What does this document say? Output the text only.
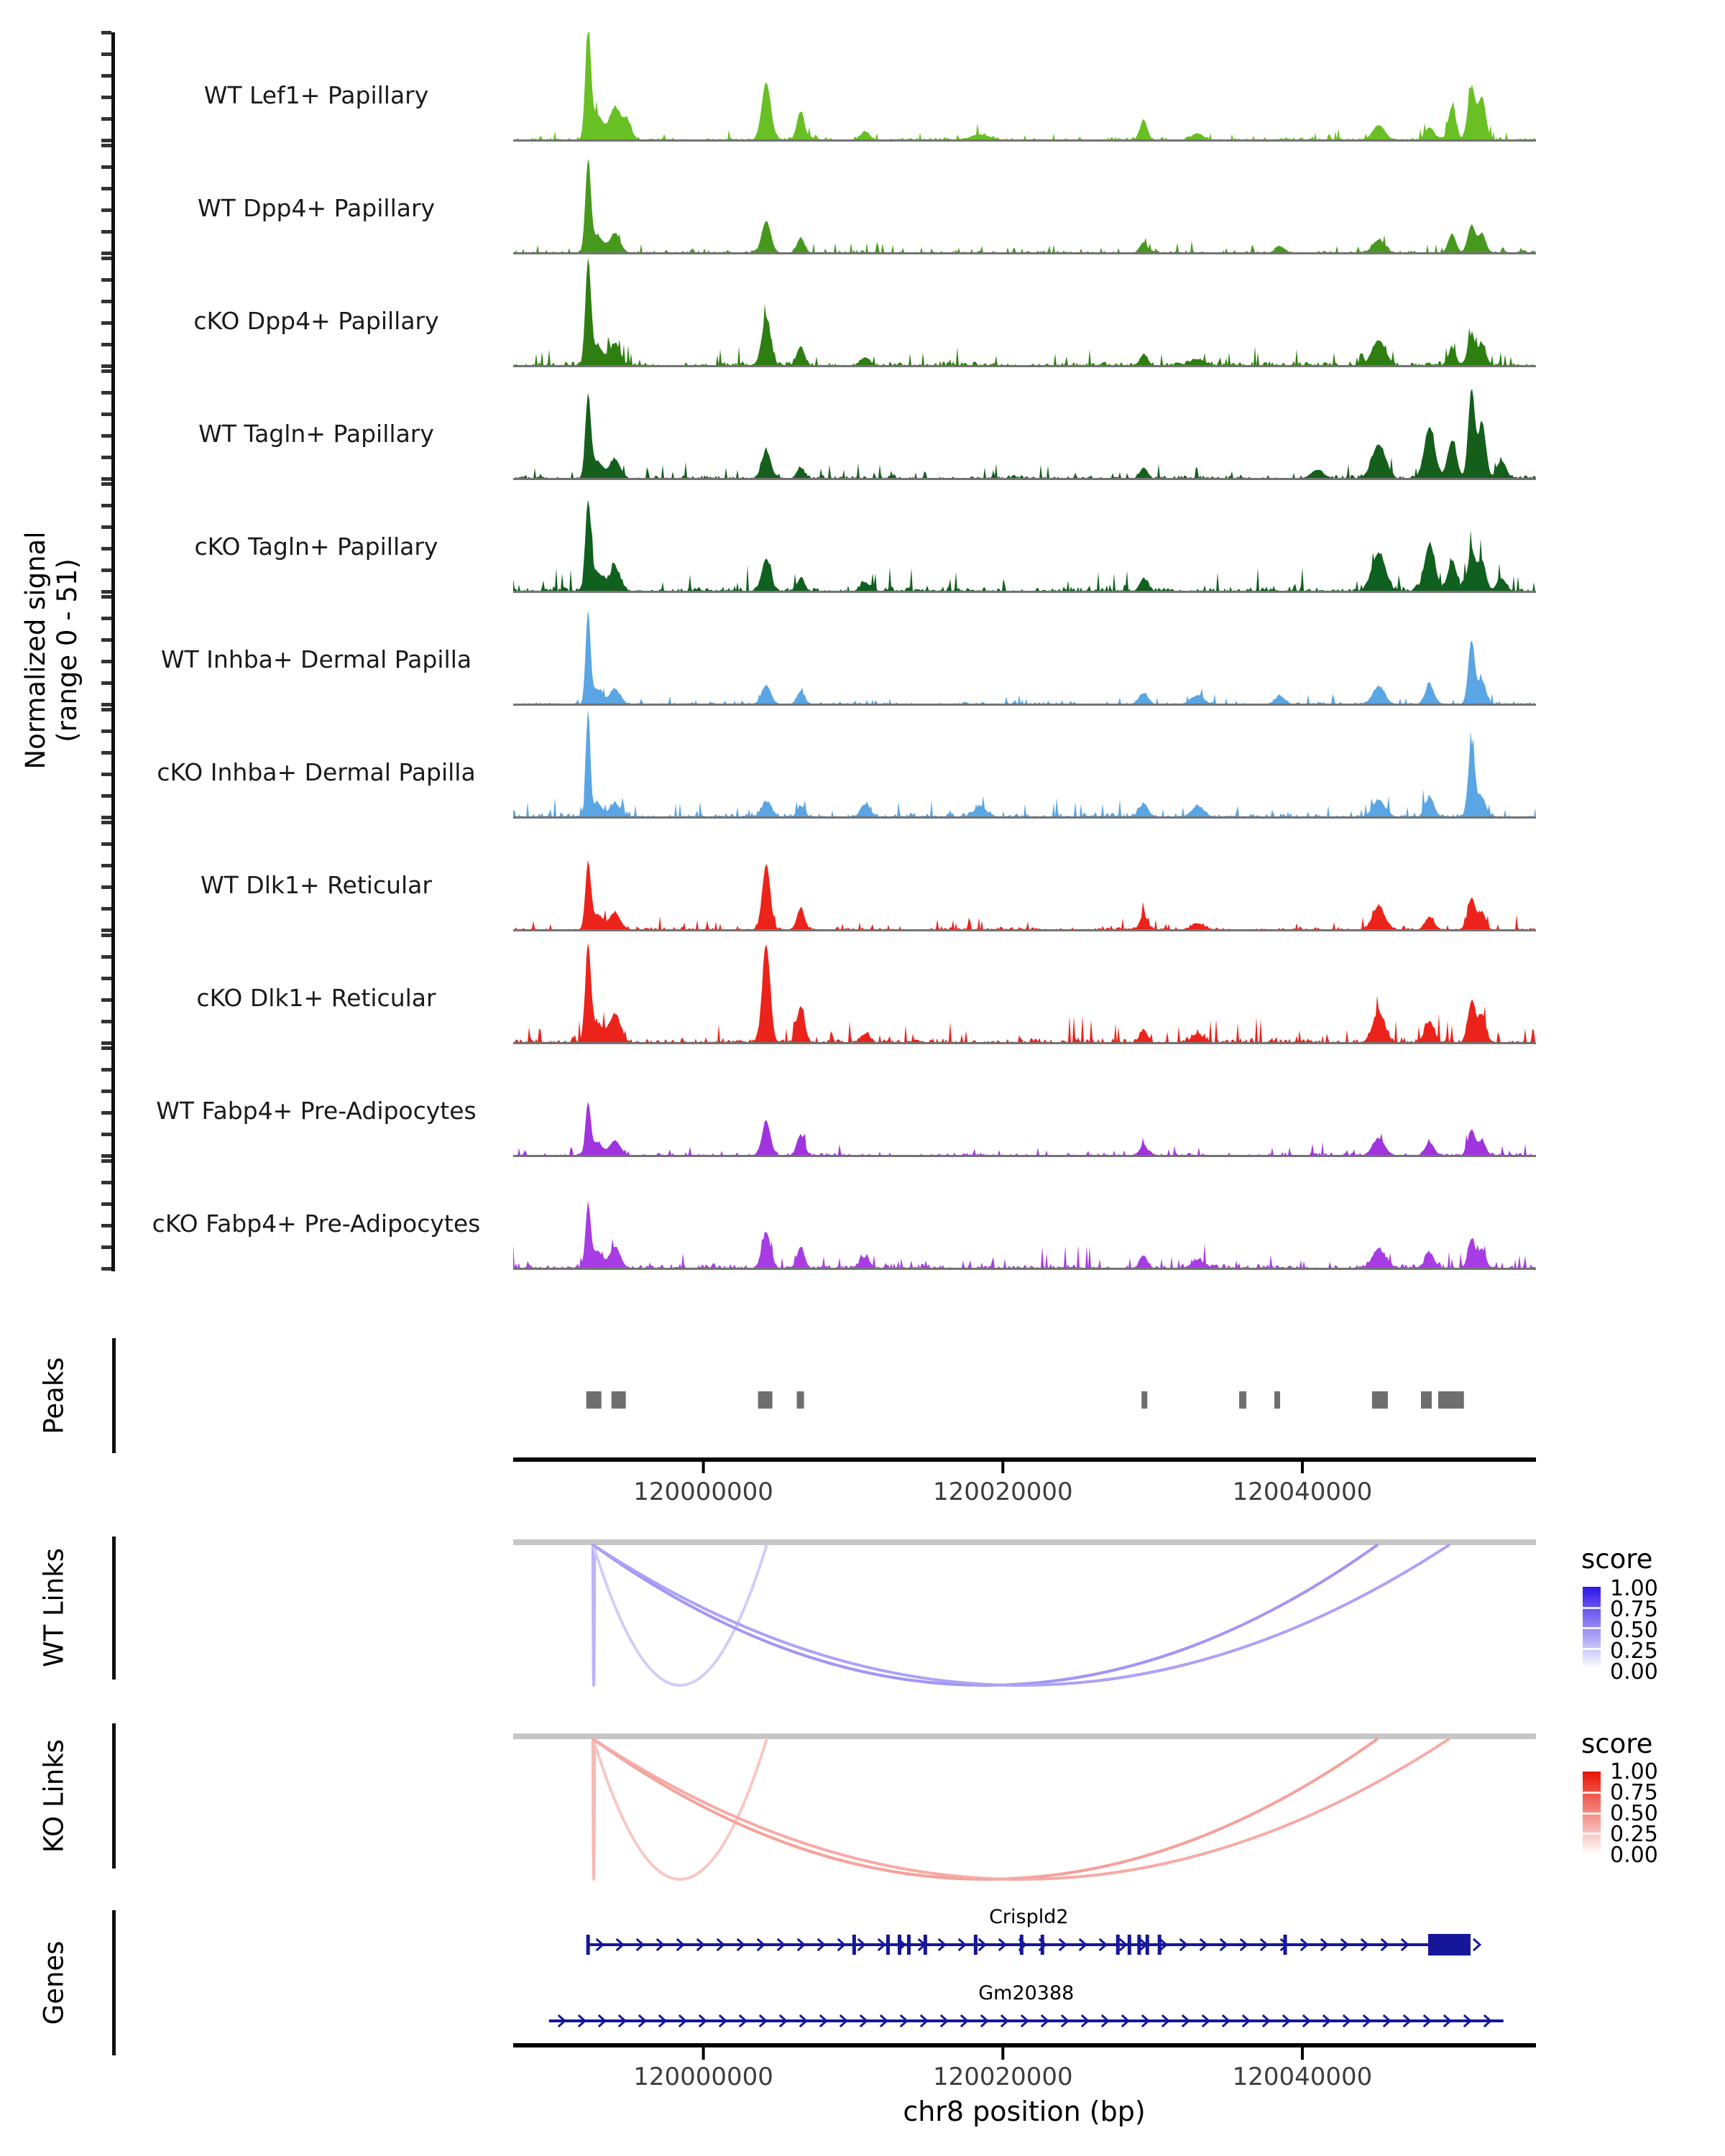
Normalized signal (range 0 - 51)
Peaks
WT Links
KO Links
Genes
score
score
chr8 position (bp)
WT Lef1+ Papillary
WT Dpp4+ Papillary
cKO Dpp4+ Papillary
WT Tagln+ Papillary
cKO Tagln+ Papillary
WT Inhba+ Dermal Papilla
cKO Inhba+ Dermal Papilla
WT Dlk1+ Reticular
cKO Dlk1+ Reticular
WT Fabp4+ Pre-Adipocytes
cKO Fabp4+ Pre-Adipocytes
120000000	120020000	120040000
1.00
0.75
0.50
0.25
0.00
1.00
0.75
0.50
0.25
0.00
Crispld2
Gm20388
120000000	120020000	120040000
